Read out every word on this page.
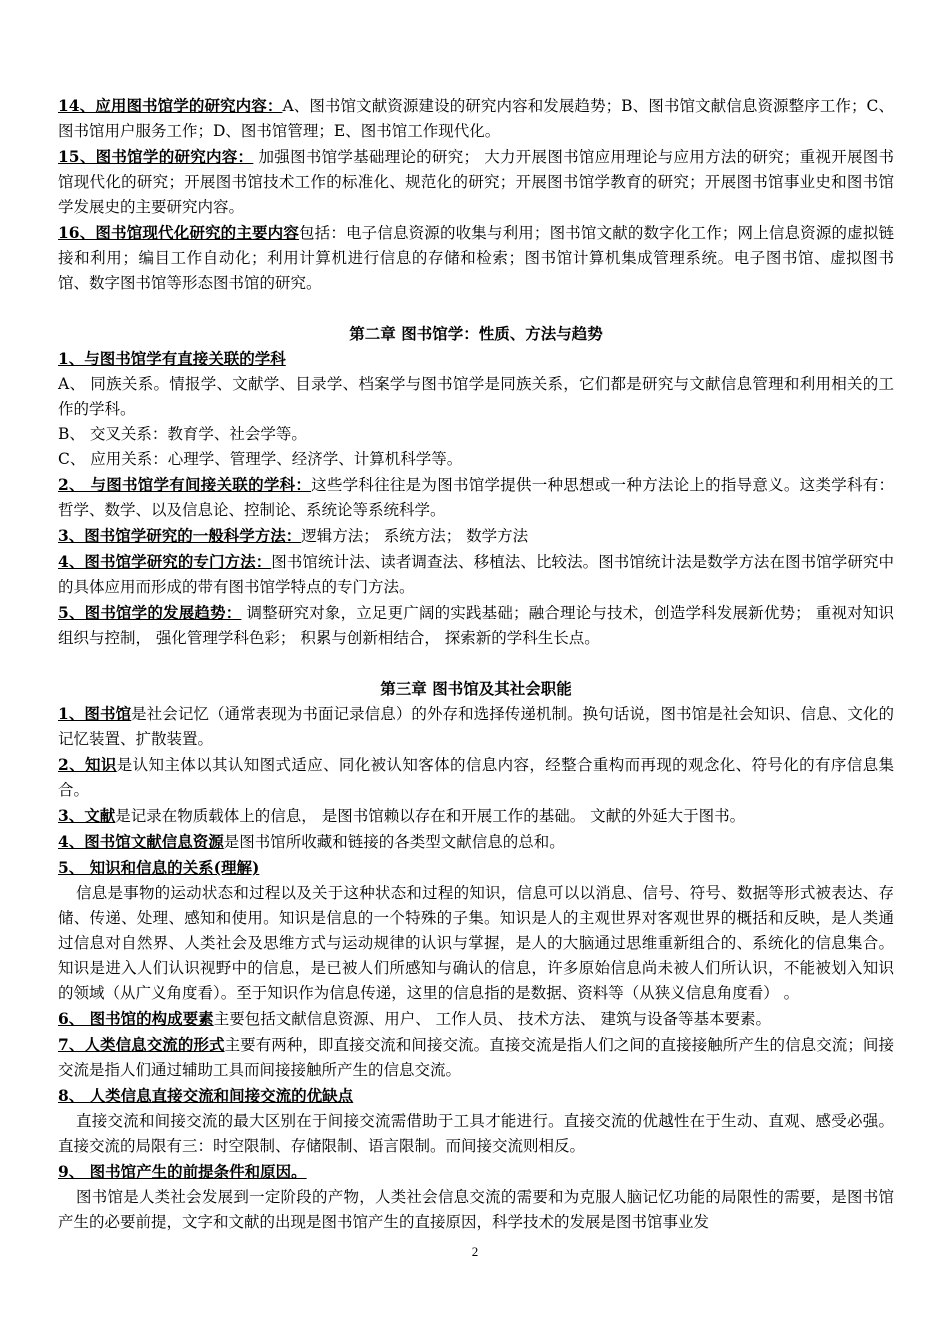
14、应用图书馆学的研究内容：A、图书馆文献资源建设的研究内容和发展趋势；B、图书馆文献信息资源整序工作；C、图书馆用户服务工作；D、图书馆管理；E、图书馆工作现代化。

15、图书馆学的研究内容： 加强图书馆学基础理论的研究； 大力开展图书馆应用理论与应用方法的研究；重视开展图书馆现代化的研究；开展图书馆技术工作的标准化、规范化的研究；开展图书馆学教育的研究；开展图书馆事业史和图书馆学发展史的主要研究内容。

16、图书馆现代化研究的主要内容包括：电子信息资源的收集与利用；图书馆文献的数字化工作；网上信息资源的虚拟链接和利用；编目工作自动化；利用计算机进行信息的存储和检索；图书馆计算机集成管理系统。电子图书馆、虚拟图书馆、数字图书馆等形态图书馆的研究。

第二章 图书馆学：性质、方法与趋势

1、与图书馆学有直接关联的学科

A、 同族关系。情报学、文献学、目录学、档案学与图书馆学是同族关系，它们都是研究与文献信息管理和利用相关的工作的学科。

B、 交叉关系：教育学、社会学等。

C、 应用关系：心理学、管理学、经济学、计算机科学等。

2、 与图书馆学有间接关联的学科：这些学科往往是为图书馆学提供一种思想或一种方法论上的指导意义。这类学科有：哲学、数学、以及信息论、控制论、系统论等系统科学。

3、图书馆学研究的一般科学方法：逻辑方法； 系统方法； 数学方法

4、图书馆学研究的专门方法：图书馆统计法、读者调查法、移植法、比较法。图书馆统计法是数学方法在图书馆学研究中的具体应用而形成的带有图书馆学特点的专门方法。

5、图书馆学的发展趋势： 调整研究对象，立足更广阔的实践基础；融合理论与技术，创造学科发展新优势； 重视对知识组织与控制， 强化管理学科色彩； 积累与创新相结合， 探索新的学科生长点。

第三章 图书馆及其社会职能

1、图书馆是社会记忆（通常表现为书面记录信息）的外存和选择传递机制。换句话说，图书馆是社会知识、信息、文化的记忆装置、扩散装置。

2、知识是认知主体以其认知图式适应、同化被认知客体的信息内容，经整合重构而再现的观念化、符号化的有序信息集合。

3、文献是记录在物质载体上的信息， 是图书馆赖以存在和开展工作的基础。 文献的外延大于图书。

4、图书馆文献信息资源是图书馆所收藏和链接的各类型文献信息的总和。

5、 知识和信息的关系(理解)

信息是事物的运动状态和过程以及关于这种状态和过程的知识，信息可以以消息、信号、符号、数据等形式被表达、存储、传递、处理、感知和使用。知识是信息的一个特殊的子集。知识是人的主观世界对客观世界的概括和反映，是人类通过信息对自然界、人类社会及思维方式与运动规律的认识与掌握，是人的大脑通过思维重新组合的、系统化的信息集合。知识是进入人们认识视野中的信息，是已被人们所感知与确认的信息，许多原始信息尚未被人们所认识，不能被划入知识的领域（从广义角度看）。至于知识作为信息传递，这里的信息指的是数据、资料等（从狭义信息角度看） 。

6、 图书馆的构成要素主要包括文献信息资源、用户、 工作人员、 技术方法、 建筑与设备等基本要素。

7、人类信息交流的形式主要有两种，即直接交流和间接交流。直接交流是指人们之间的直接接触所产生的信息交流；间接交流是指人们通过辅助工具而间接接触所产生的信息交流。

8、 人类信息直接交流和间接交流的优缺点

直接交流和间接交流的最大区别在于间接交流需借助于工具才能进行。直接交流的优越性在于生动、直观、感受必强。直接交流的局限有三：时空限制、存储限制、语言限制。而间接交流则相反。

9、 图书馆产生的前提条件和原因。

图书馆是人类社会发展到一定阶段的产物，人类社会信息交流的需要和为克服人脑记忆功能的局限性的需要，是图书馆产生的必要前提，文字和文献的出现是图书馆产生的直接原因，科学技术的发展是图书馆事业发

2
